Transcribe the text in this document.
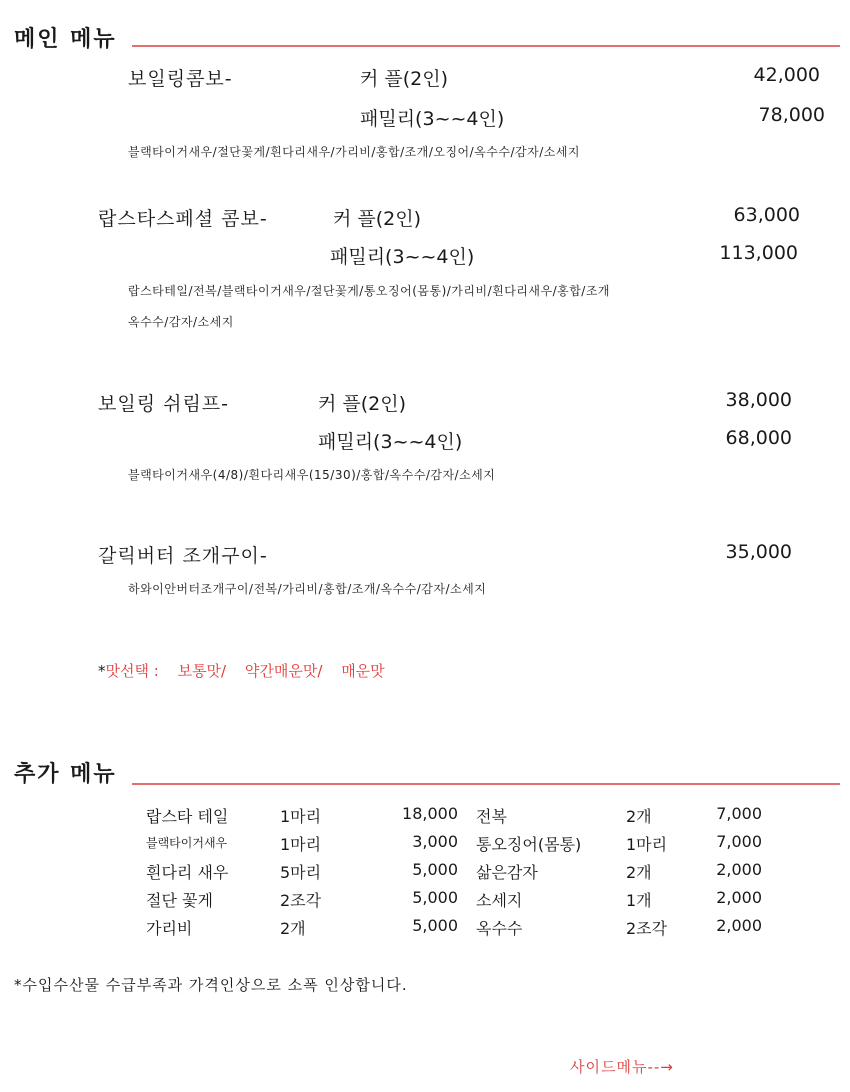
메인 메뉴
보일링콤보-	커 플(2인)	42,000
패밀리(3~~4인)	78,000
블랙타이거새우/절단꽃게/흰다리새우/가리비/홍합/조개/오징어/옥수수/감자/소세지
랍스타스페셜 콤보-	커 플(2인)	63,000
패밀리(3~~4인)	113,000
랍스타테일/전복/블랙타이거새우/절단꽃게/통오징어(몸통)/가리비/흰다리새우/홍합/조개
옥수수/감자/소세지
보일링 쉬림프-	커 플(2인)	38,000
패밀리(3~~4인)	68,000
블랙타이거새우(4/8)/흰다리새우(15/30)/홍합/옥수수/감자/소세지
갈릭버터 조개구이-	35,000
하와이안버터조개구이/전복/가리비/홍합/조개/옥수수/감자/소세지
*맛선택 : 보통맛/ 약간매운맛/ 매운맛
추가 메뉴
랍스타 테일	1마리	18,000
블랙타이거새우	1마리	3,000
흰다리 새우	5마리	5,000
절단 꽃게	2조각	5,000
가리비	2개	5,000
전복	2개	7,000
통오징어(몸통)	1마리	7,000
삶은감자	2개	2,000
소세지	1개	2,000
옥수수	2조각	2,000
*수입수산물 수급부족과 가격인상으로 소폭 인상합니다.
사이드메뉴--→
